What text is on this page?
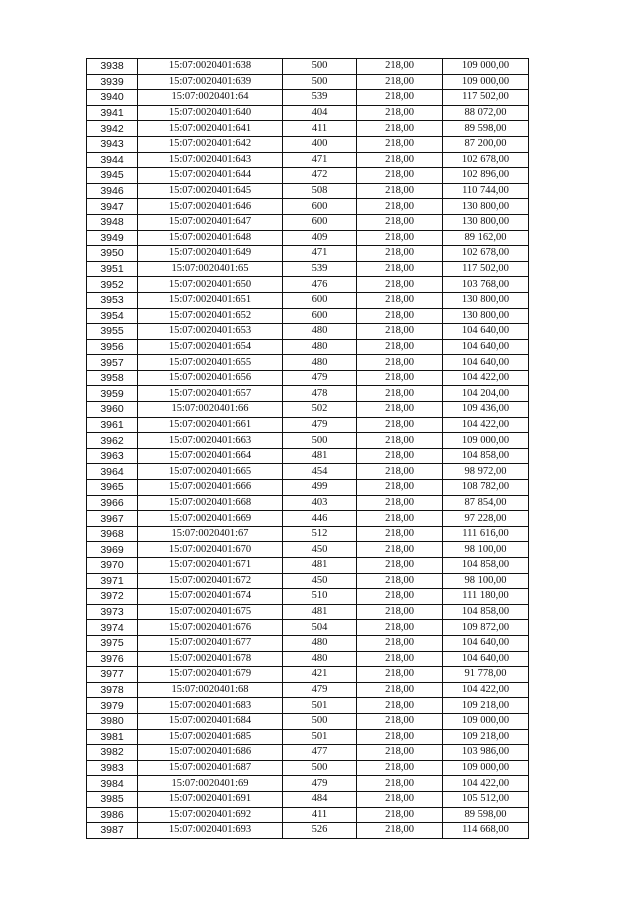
3938	15:07:0020401:638	500	218,00	109 000,00
3939	15:07:0020401:639	500	218,00	109 000,00
3940	15:07:0020401:64	539	218,00	117 502,00
3941	15:07:0020401:640	404	218,00	88 072,00
3942	15:07:0020401:641	411	218,00	89 598,00
3943	15:07:0020401:642	400	218,00	87 200,00
3944	15:07:0020401:643	471	218,00	102 678,00
3945	15:07:0020401:644	472	218,00	102 896,00
3946	15:07:0020401:645	508	218,00	110 744,00
3947	15:07:0020401:646	600	218,00	130 800,00
3948	15:07:0020401:647	600	218,00	130 800,00
3949	15:07:0020401:648	409	218,00	89 162,00
3950	15:07:0020401:649	471	218,00	102 678,00
3951	15:07:0020401:65	539	218,00	117 502,00
3952	15:07:0020401:650	476	218,00	103 768,00
3953	15:07:0020401:651	600	218,00	130 800,00
3954	15:07:0020401:652	600	218,00	130 800,00
3955	15:07:0020401:653	480	218,00	104 640,00
3956	15:07:0020401:654	480	218,00	104 640,00
3957	15:07:0020401:655	480	218,00	104 640,00
3958	15:07:0020401:656	479	218,00	104 422,00
3959	15:07:0020401:657	478	218,00	104 204,00
3960	15:07:0020401:66	502	218,00	109 436,00
3961	15:07:0020401:661	479	218,00	104 422,00
3962	15:07:0020401:663	500	218,00	109 000,00
3963	15:07:0020401:664	481	218,00	104 858,00
3964	15:07:0020401:665	454	218,00	98 972,00
3965	15:07:0020401:666	499	218,00	108 782,00
3966	15:07:0020401:668	403	218,00	87 854,00
3967	15:07:0020401:669	446	218,00	97 228,00
3968	15:07:0020401:67	512	218,00	111 616,00
3969	15:07:0020401:670	450	218,00	98 100,00
3970	15:07:0020401:671	481	218,00	104 858,00
3971	15:07:0020401:672	450	218,00	98 100,00
3972	15:07:0020401:674	510	218,00	111 180,00
3973	15:07:0020401:675	481	218,00	104 858,00
3974	15:07:0020401:676	504	218,00	109 872,00
3975	15:07:0020401:677	480	218,00	104 640,00
3976	15:07:0020401:678	480	218,00	104 640,00
3977	15:07:0020401:679	421	218,00	91 778,00
3978	15:07:0020401:68	479	218,00	104 422,00
3979	15:07:0020401:683	501	218,00	109 218,00
3980	15:07:0020401:684	500	218,00	109 000,00
3981	15:07:0020401:685	501	218,00	109 218,00
3982	15:07:0020401:686	477	218,00	103 986,00
3983	15:07:0020401:687	500	218,00	109 000,00
3984	15:07:0020401:69	479	218,00	104 422,00
3985	15:07:0020401:691	484	218,00	105 512,00
3986	15:07:0020401:692	411	218,00	89 598,00
3987	15:07:0020401:693	526	218,00	114 668,00
